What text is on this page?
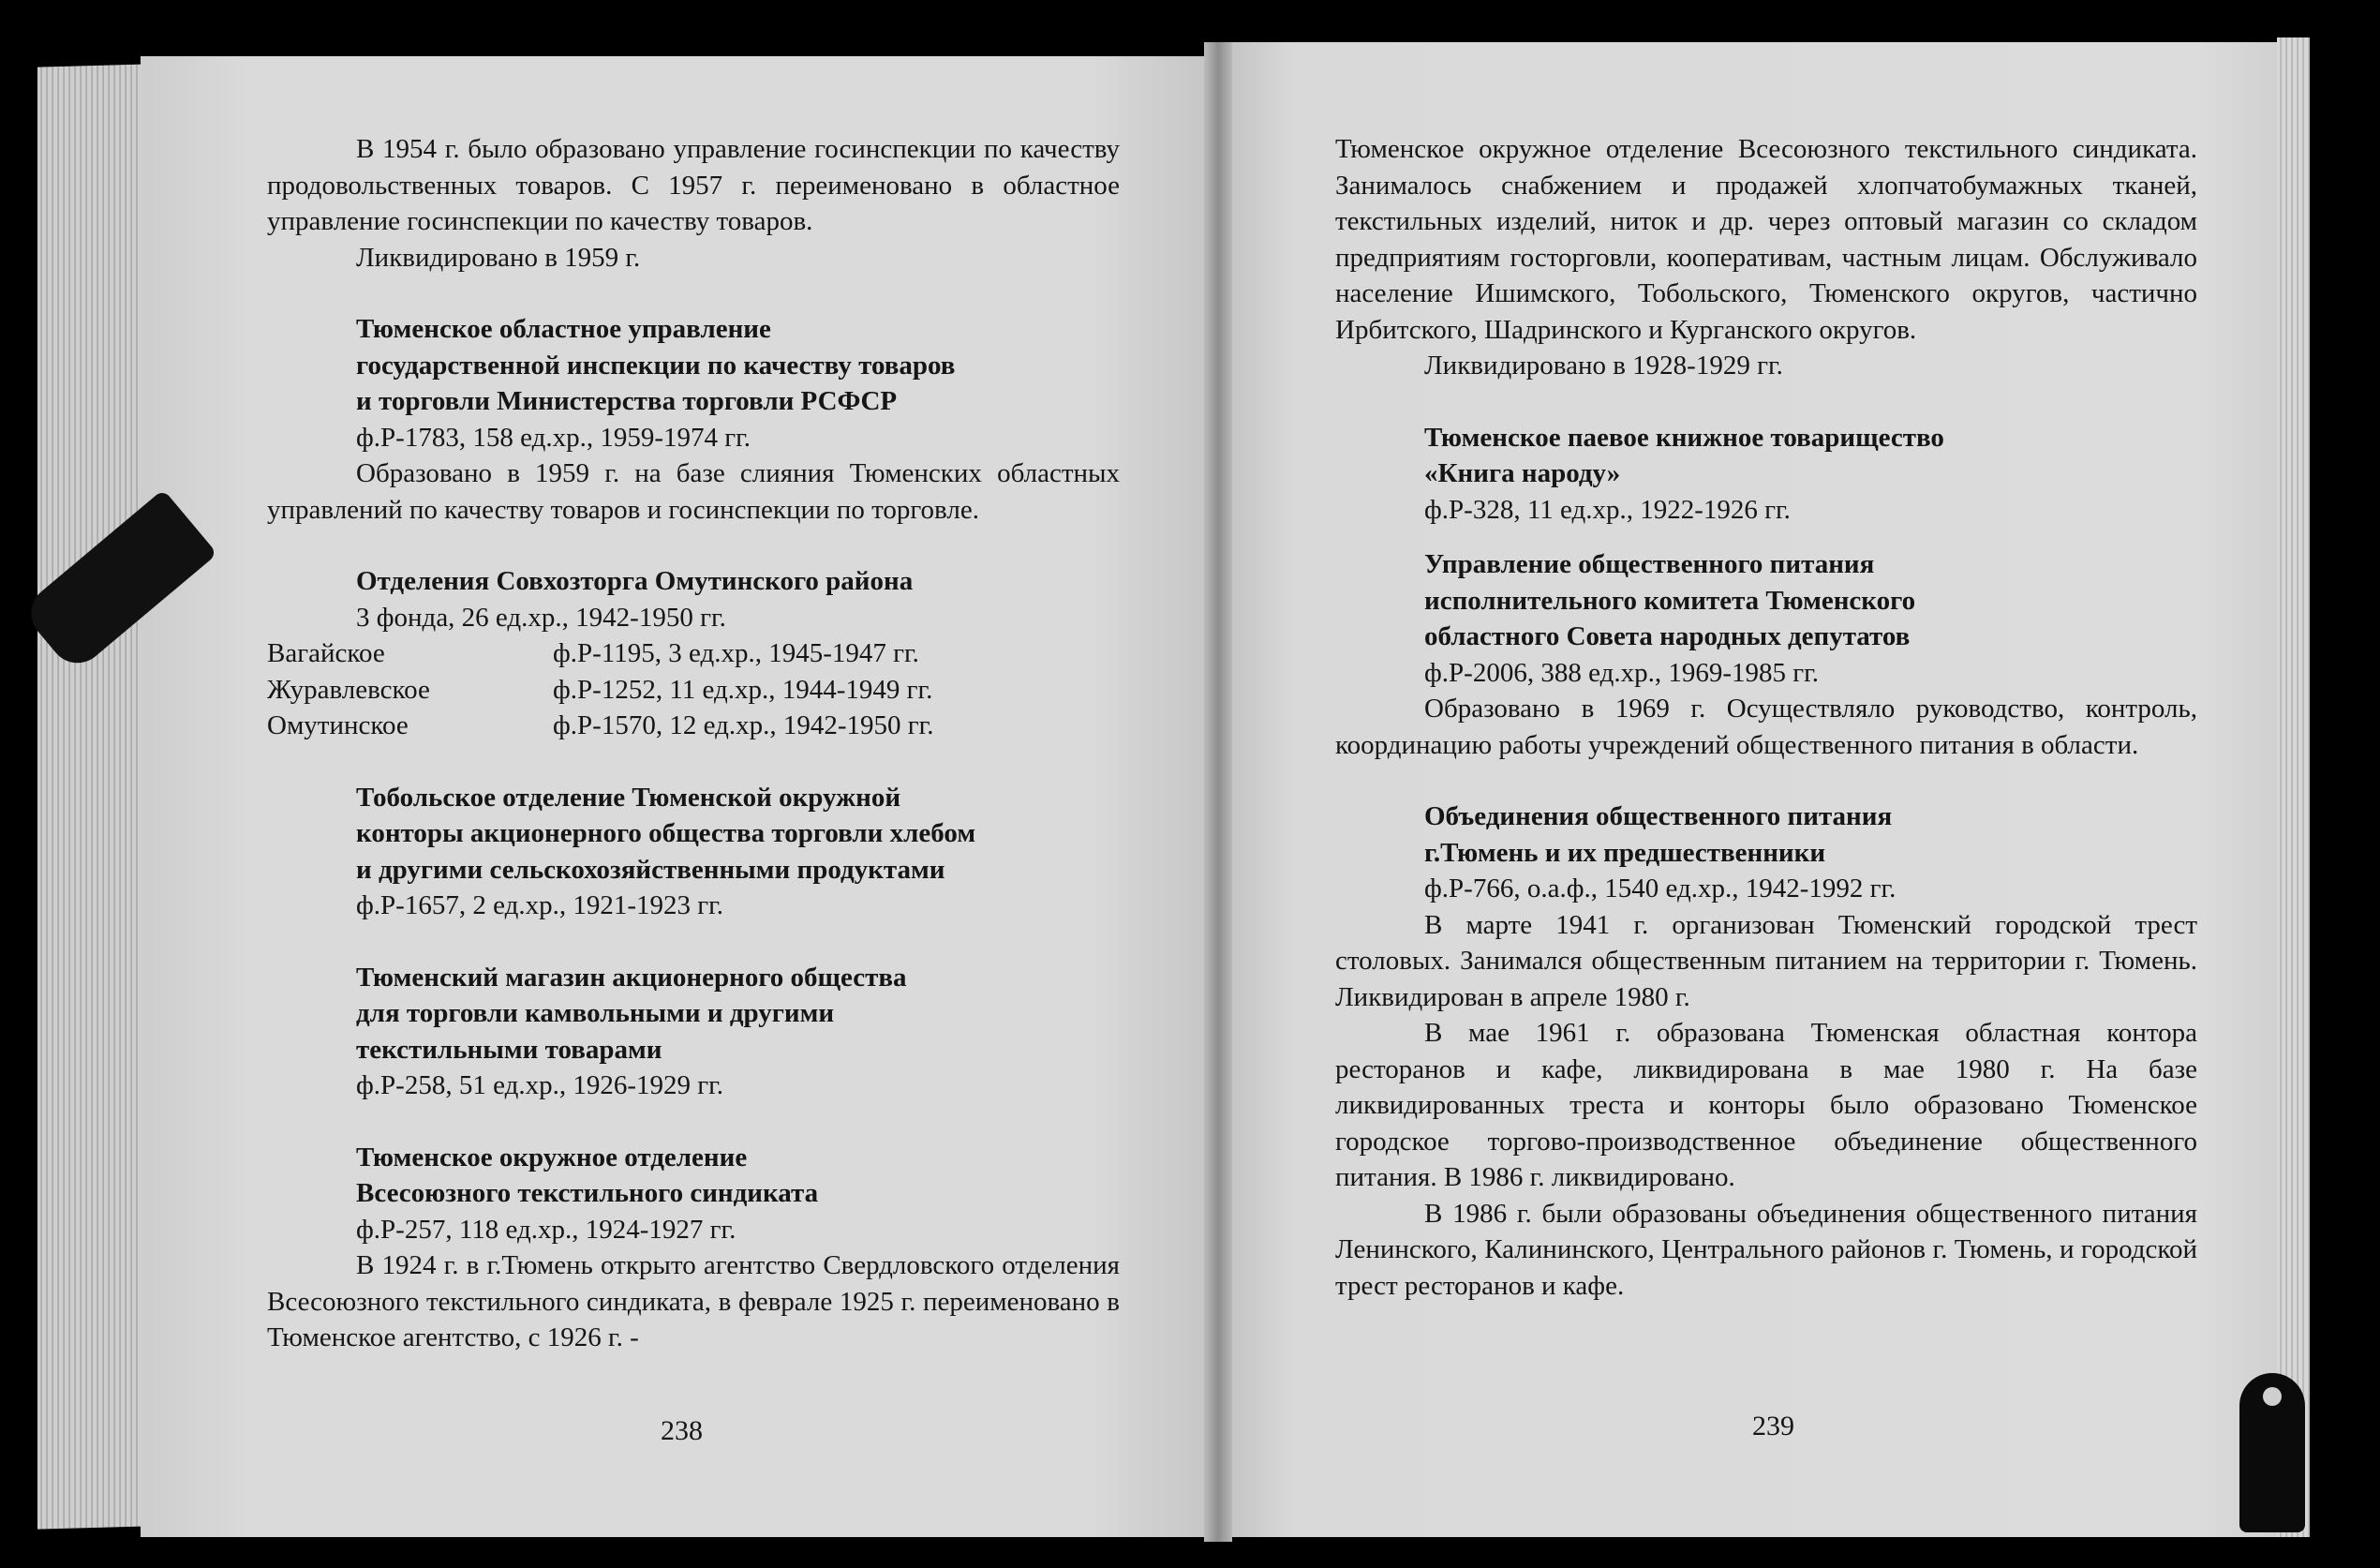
В 1954 г. было образовано управление госинспекции по качеству продовольственных товаров. С 1957 г. переименовано в областное управление госинспекции по качеству товаров.

Ликвидировано в 1959 г.

Тюменское областное управление
государственной инспекции по качеству товаров
и торговли Министерства торговли РСФСР
ф.Р-1783, 158 ед.хр., 1959-1974 гг.

Образовано в 1959 г. на базе слияния Тюменских областных управлений по качеству товаров и госинспекции по торговле.

Отделения Совхозторга Омутинского района
3 фонда, 26 ед.хр., 1942-1950 гг.
Вагайское	ф.Р-1195, 3 ед.хр., 1945-1947 гг.
Журавлевское	ф.Р-1252, 11 ед.хр., 1944-1949 гг.
Омутинское	ф.Р-1570, 12 ед.хр., 1942-1950 гг.
Тобольское отделение Тюменской окружной
конторы акционерного общества торговли хлебом
и другими сельскохозяйственными продуктами
ф.Р-1657, 2 ед.хр., 1921-1923 гг.
Тюменский магазин акционерного общества
для торговли камвольными и другими
текстильными товарами
ф.Р-258, 51 ед.хр., 1926-1929 гг.
Тюменское окружное отделение
Всесоюзного текстильного синдиката
ф.Р-257, 118 ед.хр., 1924-1927 гг.

В 1924 г. в г.Тюмень открыто агентство Свердловского отделения Всесоюзного текстильного синдиката, в феврале 1925 г. переименовано в Тюменское агентство, с 1926 г. -

238

Тюменское окружное отделение Всесоюзного текстильного синдиката. Занималось снабжением и продажей хлопчатобумажных тканей, текстильных изделий, ниток и др. через оптовый магазин со складом предприятиям госторговли, кооперативам, частным лицам. Обслуживало население Ишимского, Тобольского, Тюменского округов, частично Ирбитского, Шадринского и Курганского округов.

Ликвидировано в 1928-1929 гг.

Тюменское паевое книжное товарищество
«Книга народу»
ф.Р-328, 11 ед.хр., 1922-1926 гг.
Управление общественного питания
исполнительного комитета Тюменского
областного Совета народных депутатов
ф.Р-2006, 388 ед.хр., 1969-1985 гг.

Образовано в 1969 г. Осуществляло руководство, контроль, координацию работы учреждений общественного питания в области.

Объединения общественного питания
г.Тюмень и их предшественники
ф.Р-766, о.а.ф., 1540 ед.хр., 1942-1992 гг.

В марте 1941 г. организован Тюменский городской трест столовых. Занимался общественным питанием на территории г. Тюмень. Ликвидирован в апреле 1980 г.

В мае 1961 г. образована Тюменская областная контора ресторанов и кафе, ликвидирована в мае 1980 г. На базе ликвидированных треста и конторы было образовано Тюменское городское торгово-производственное объединение общественного питания. В 1986 г. ликвидировано.

В 1986 г. были образованы объединения общественного питания Ленинского, Калининского, Центрального районов г. Тюмень, и городской трест ресторанов и кафе.

239
